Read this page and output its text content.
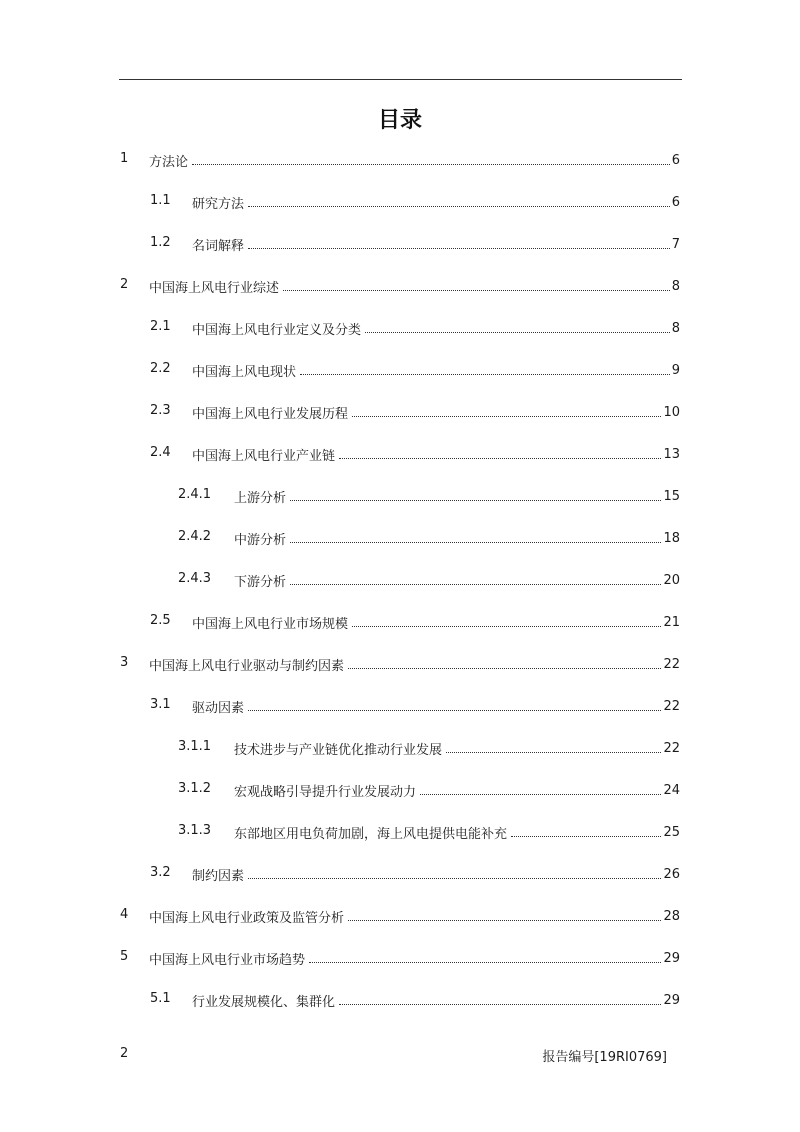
目录
1 方法论	6
1.1 研究方法	6
1.2 名词解释	7
2 中国海上风电行业综述	8
2.1 中国海上风电行业定义及分类	8
2.2 中国海上风电现状	9
2.3 中国海上风电行业发展历程	10
2.4 中国海上风电行业产业链	13
2.4.1 上游分析	15
2.4.2 中游分析	18
2.4.3 下游分析	20
2.5 中国海上风电行业市场规模	21
3 中国海上风电行业驱动与制约因素	22
3.1 驱动因素	22
3.1.1 技术进步与产业链优化推动行业发展	22
3.1.2 宏观战略引导提升行业发展动力	24
3.1.3 东部地区用电负荷加剧，海上风电提供电能补充	25
3.2 制约因素	26
4 中国海上风电行业政策及监管分析	28
5 中国海上风电行业市场趋势	29
5.1 行业发展规模化、集群化	29
2	报告编号[19RI0769]
